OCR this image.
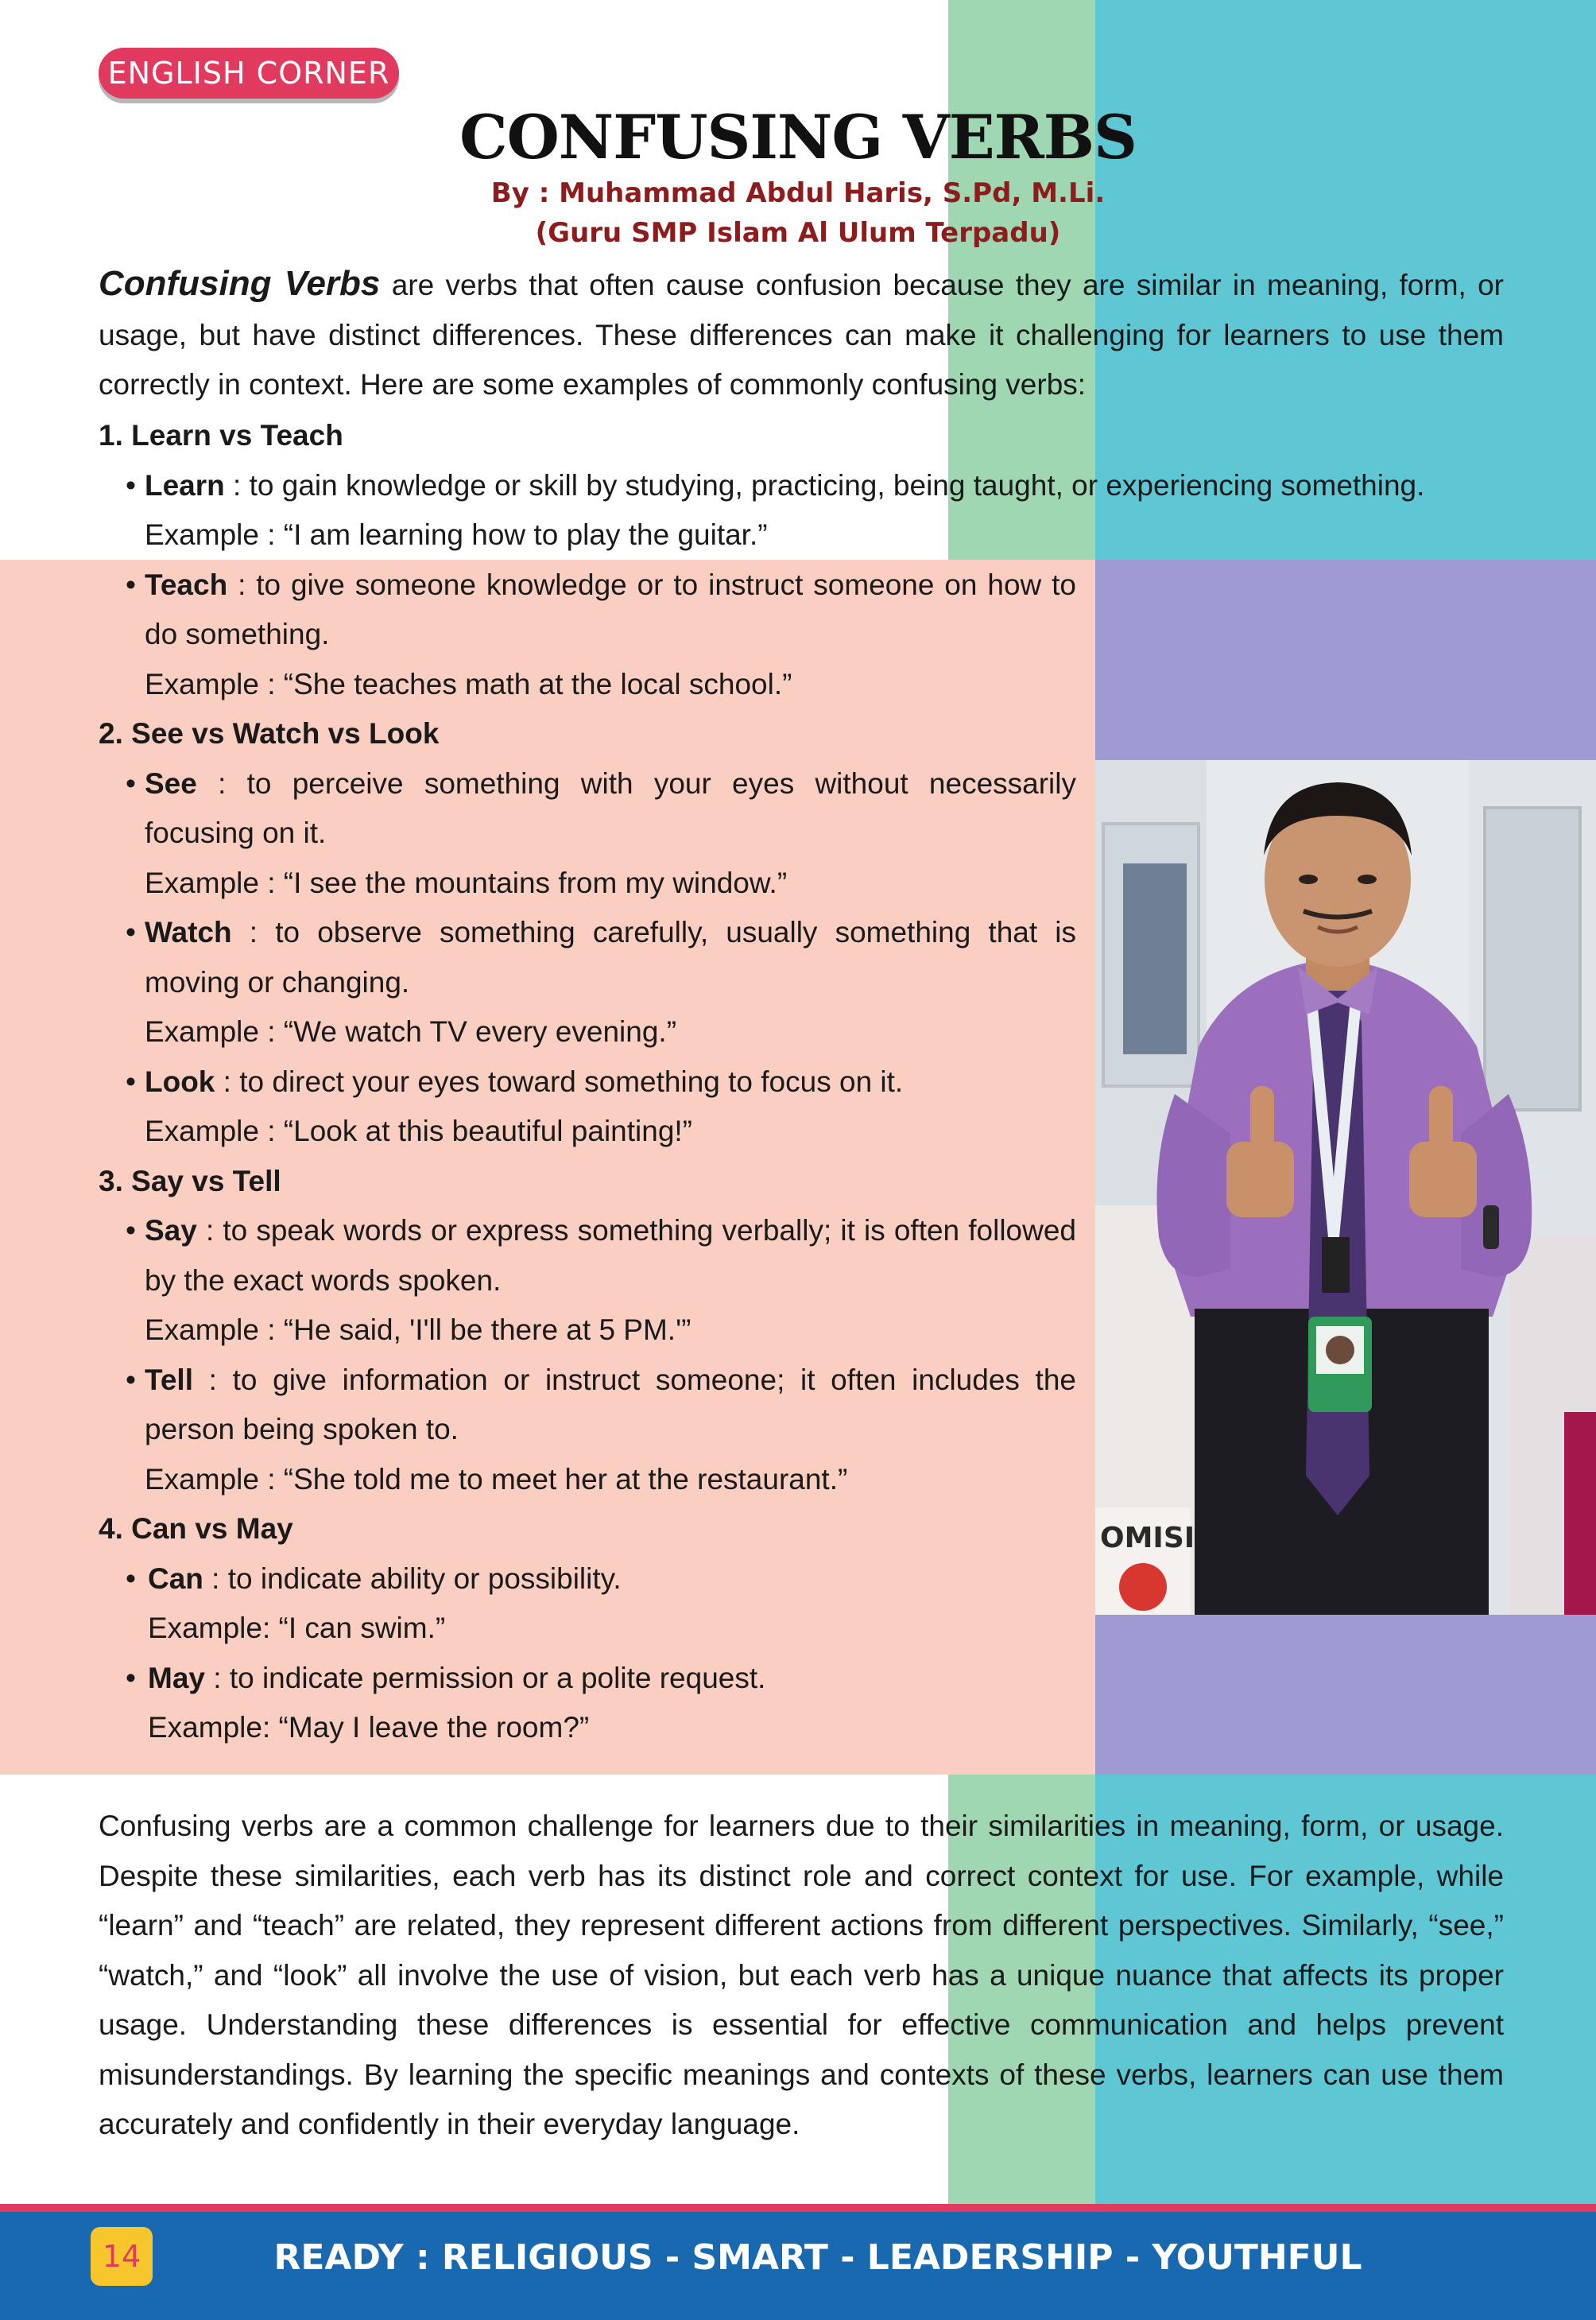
ENGLISH CORNER
CONFUSING VERBS
By : Muhammad Abdul Haris, S.Pd, M.Li.
(Guru SMP Islam Al Ulum Terpadu)
Confusing Verbs are verbs that often cause confusion because they are similar in meaning, form, or usage, but have distinct differences. These differences can make it challenging for learners to use them correctly in context. Here are some examples of commonly confusing verbs:
1. Learn vs Teach
• Learn : to gain knowledge or skill by studying, practicing, being taught, or experiencing something.
Example : “I am learning how to play the guitar.”
• Teach : to give someone knowledge or to instruct someone on how to
do something.
Example : “She teaches math at the local school.”
2. See vs Watch vs Look
• See : to perceive something with your eyes without necessarily
focusing on it.
Example : “I see the mountains from my window.”
• Watch : to observe something carefully, usually something that is
moving or changing.
Example : “We watch TV every evening.”
• Look : to direct your eyes toward something to focus on it.
Example : “Look at this beautiful painting!”
3. Say vs Tell
• Say : to speak words or express something verbally; it is often followed
by the exact words spoken.
Example : “He said, 'I'll be there at 5 PM.'”
• Tell : to give information or instruct someone; it often includes the
person being spoken to.
Example : “She told me to meet her at the restaurant.”
4. Can vs May
• Can : to indicate ability or possibility.
Example: “I can swim.”
• May : to indicate permission or a polite request.
Example: “May I leave the room?”
OMISI
Confusing verbs are a common challenge for learners due to their similarities in meaning, form, or usage. Despite these similarities, each verb has its distinct role and correct context for use. For example, while “learn” and “teach” are related, they represent different actions from different perspectives. Similarly, “see,” “watch,” and “look” all involve the use of vision, but each verb has a unique nuance that affects its proper usage. Understanding these differences is essential for effective communication and helps prevent misunderstandings. By learning the specific meanings and contexts of these verbs, learners can use them accurately and confidently in their everyday language.
14	READY : RELIGIOUS - SMART - LEADERSHIP - YOUTHFUL
